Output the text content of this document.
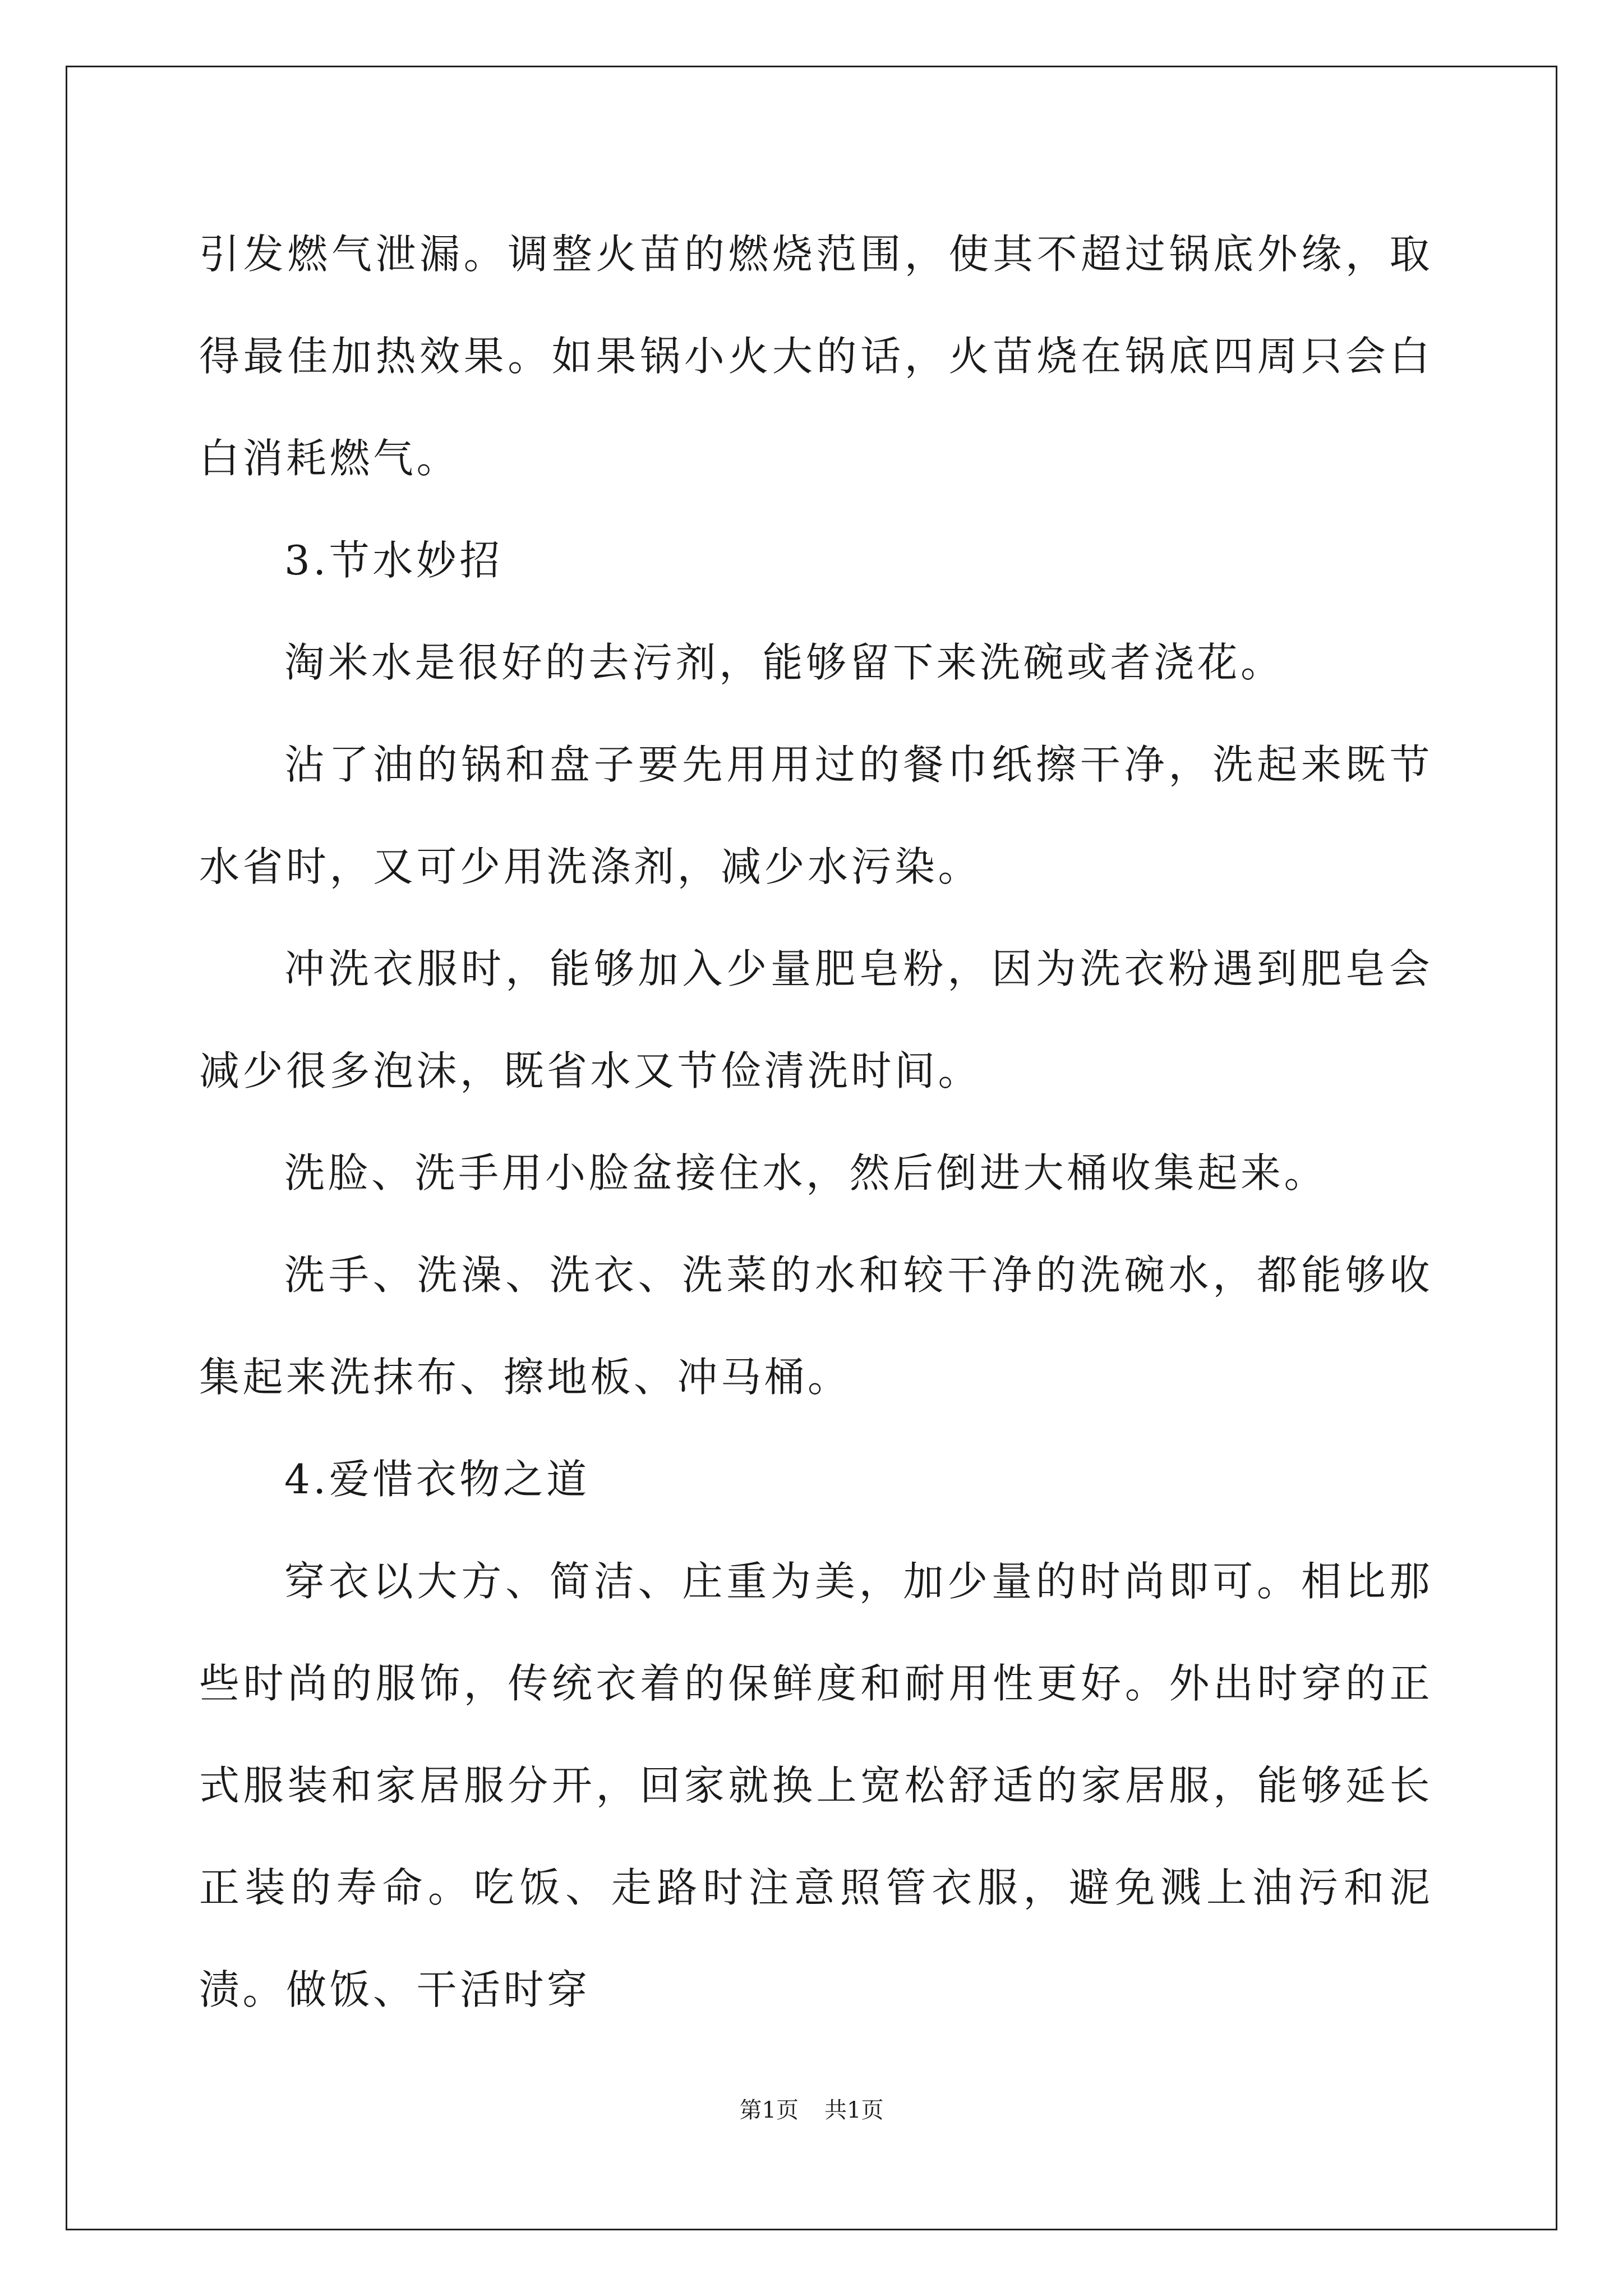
引发燃气泄漏。调整火苗的燃烧范围，使其不超过锅底外缘，取得最佳加热效果。如果锅小火大的话，火苗烧在锅底四周只会白白消耗燃气。

3.节水妙招

淘米水是很好的去污剂，能够留下来洗碗或者浇花。

沾了油的锅和盘子要先用用过的餐巾纸擦干净，洗起来既节水省时，又可少用洗涤剂，减少水污染。

冲洗衣服时，能够加入少量肥皂粉，因为洗衣粉遇到肥皂会减少很多泡沫，既省水又节俭清洗时间。

洗脸、洗手用小脸盆接住水，然后倒进大桶收集起来。

洗手、洗澡、洗衣、洗菜的水和较干净的洗碗水，都能够收集起来洗抹布、擦地板、冲马桶。

4.爱惜衣物之道

穿衣以大方、简洁、庄重为美，加少量的时尚即可。相比那些时尚的服饰，传统衣着的保鲜度和耐用性更好。外出时穿的正式服装和家居服分开，回家就换上宽松舒适的家居服，能够延长正装的寿命。吃饭、走路时注意照管衣服，避免溅上油污和泥渍。做饭、干活时穿

第1页 共1页
